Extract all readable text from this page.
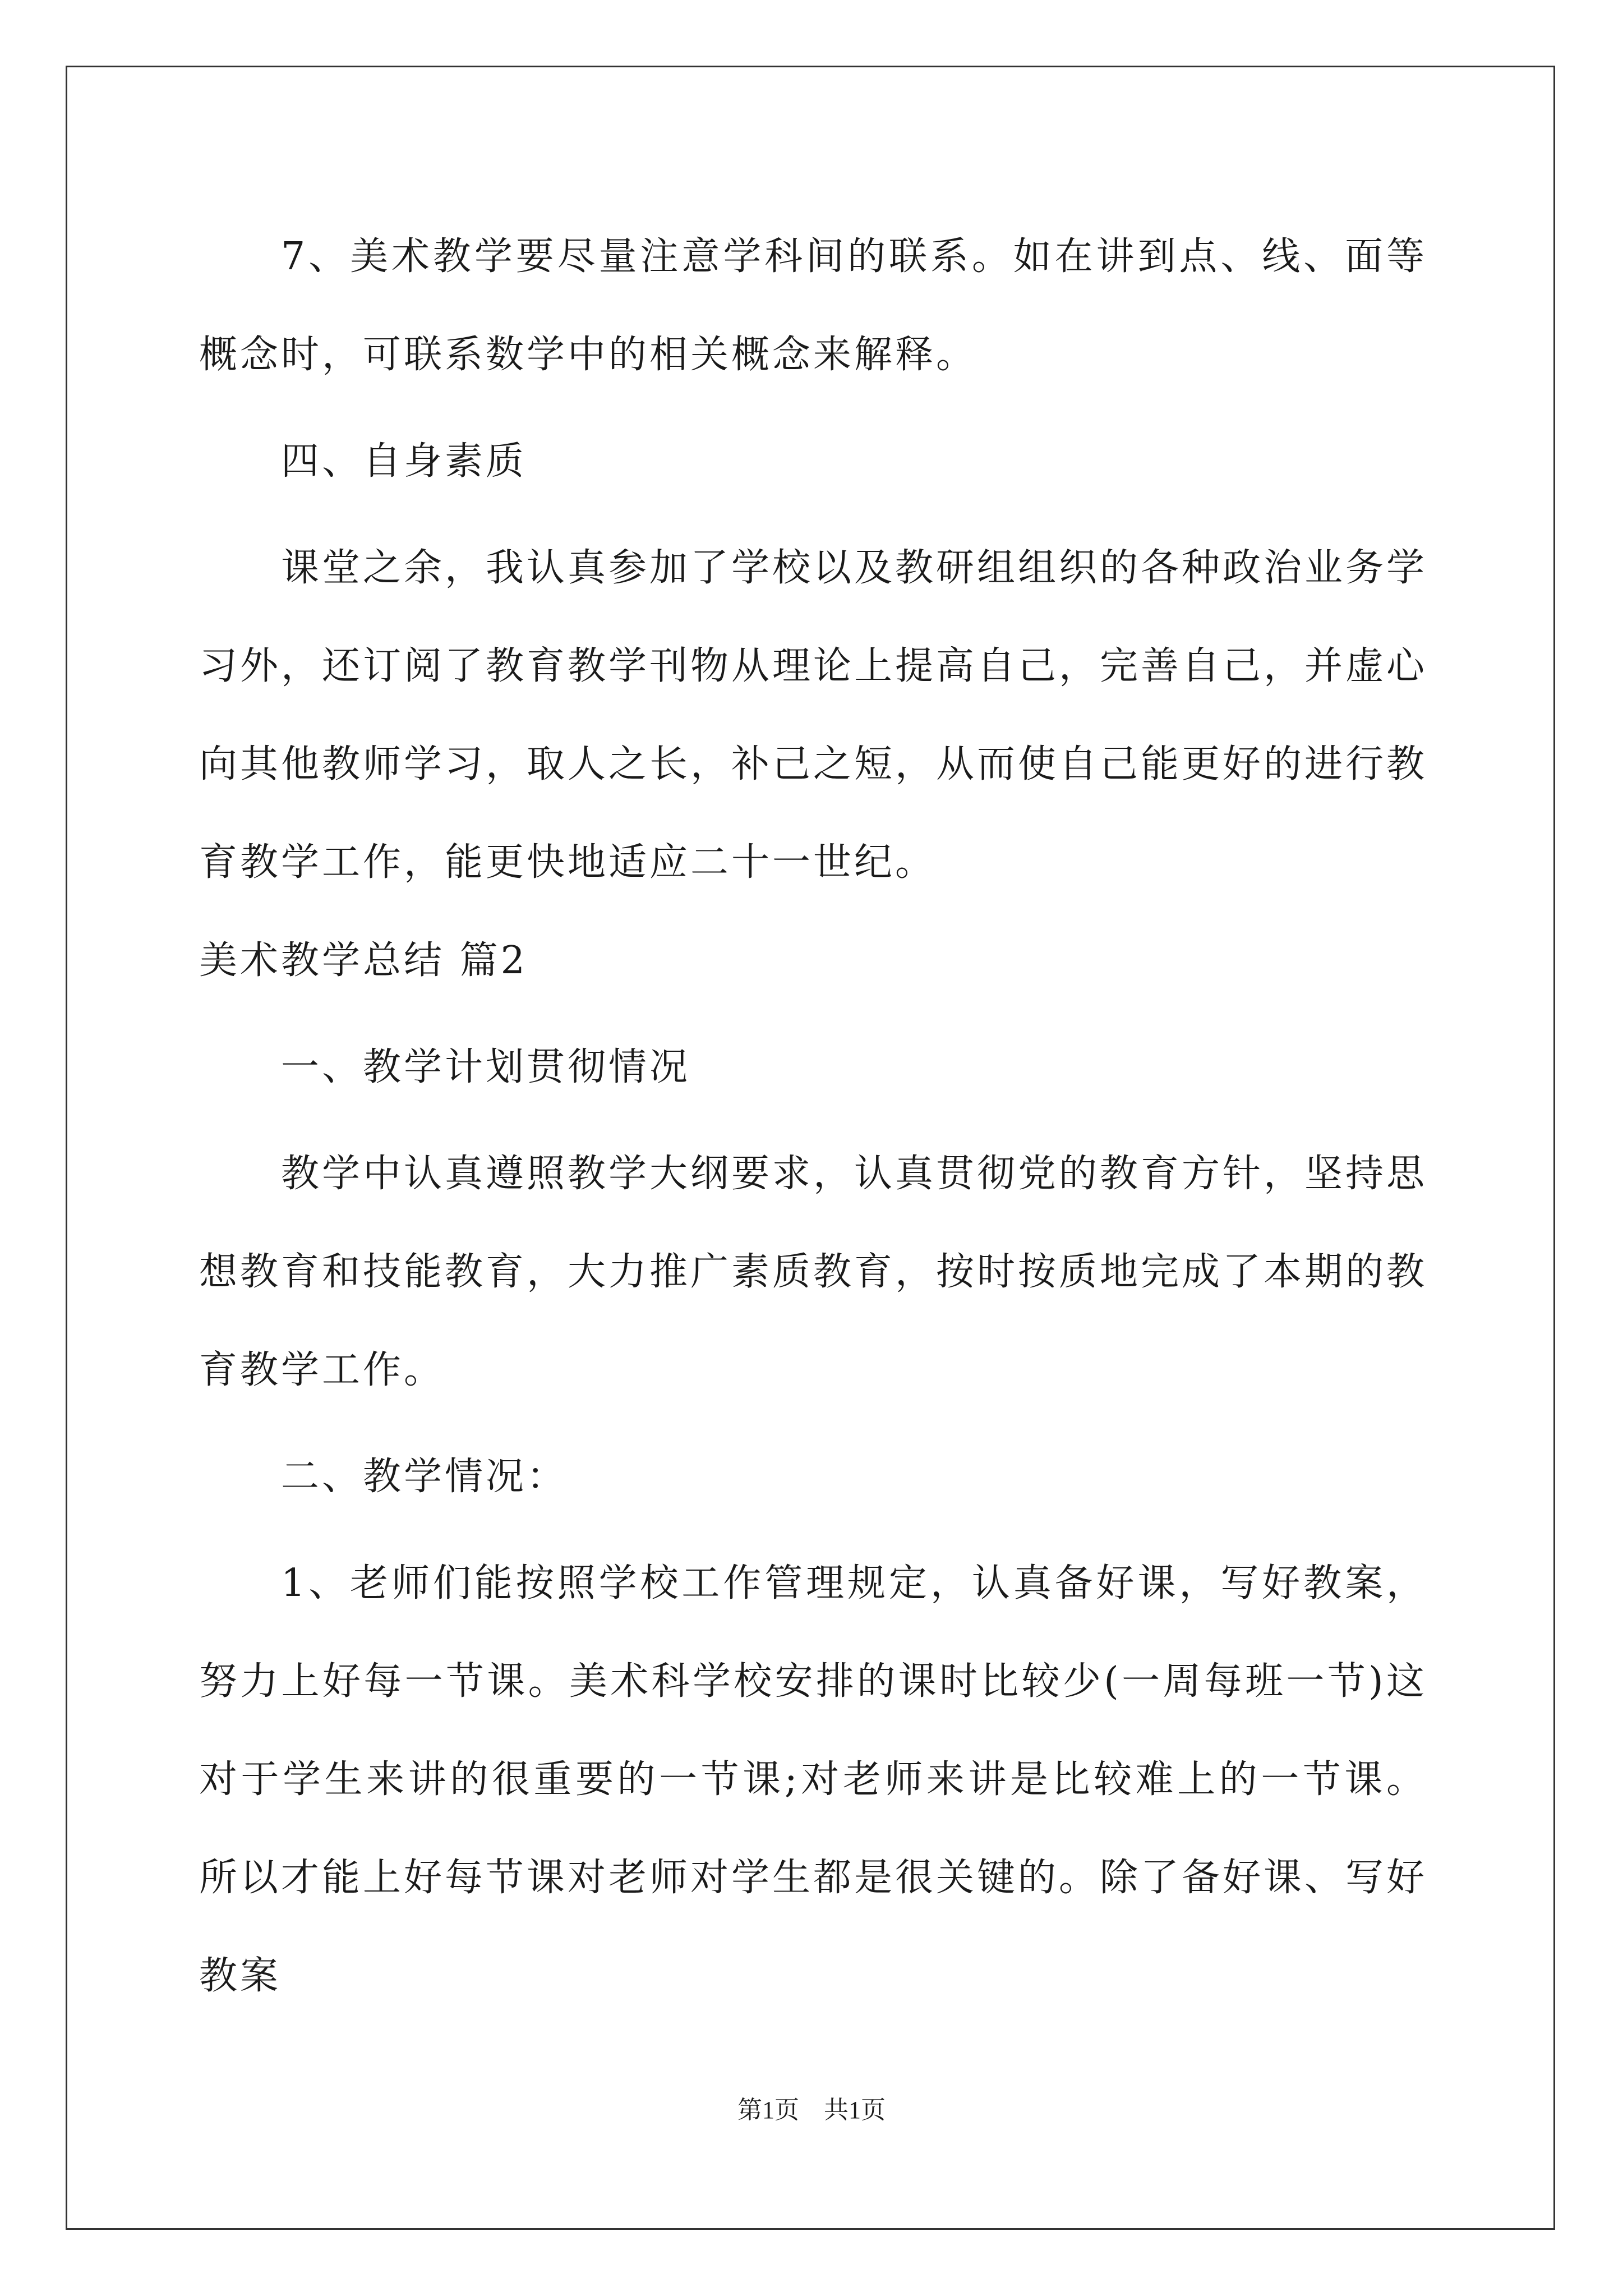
7、美术教学要尽量注意学科间的联系。如在讲到点、线、面等概念时，可联系数学中的相关概念来解释。

四、自身素质

课堂之余，我认真参加了学校以及教研组组织的各种政治业务学习外，还订阅了教育教学刊物从理论上提高自己，完善自己，并虚心向其他教师学习，取人之长，补己之短，从而使自己能更好的进行教育教学工作，能更快地适应二十一世纪。

美术教学总结 篇2

一、教学计划贯彻情况

教学中认真遵照教学大纲要求，认真贯彻党的教育方针，坚持思想教育和技能教育，大力推广素质教育，按时按质地完成了本期的教育教学工作。

二、教学情况：

1、老师们能按照学校工作管理规定，认真备好课，写好教案，努力上好每一节课。美术科学校安排的课时比较少(一周每班一节)这对于学生来讲的很重要的一节课;对老师来讲是比较难上的一节课。所以才能上好每节课对老师对学生都是很关键的。除了备好课、写好教案

第1页　共1页
